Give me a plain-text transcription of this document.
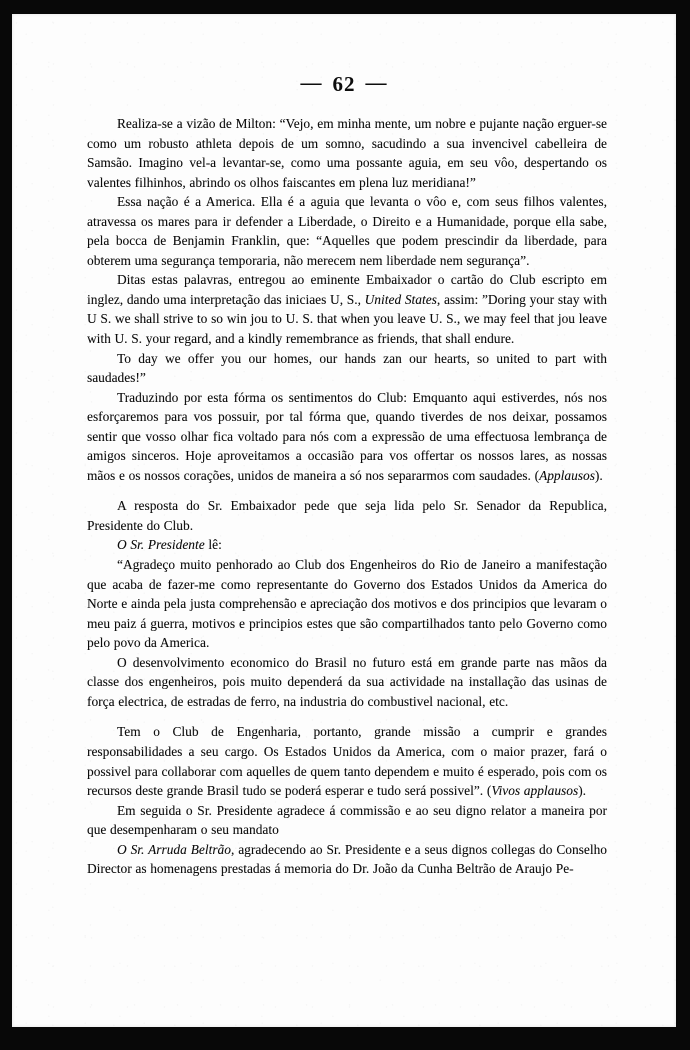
— 62 —

Realiza-se a vizão de Milton: “Vejo, em minha mente, um nobre e pujante nação erguer-se como um robusto athleta depois de um somno, sacudindo a sua invencivel cabelleira de Samsão. Imagino vel-a levantar-se, como uma possante aguia, em seu vôo, despertando os valentes filhinhos, abrindo os olhos faiscantes em plena luz meridiana!”

Essa nação é a America. Ella é a aguia que levanta o vôo e, com seus filhos valentes, atravessa os mares para ir defender a Liberdade, o Direito e a Humanidade, porque ella sabe, pela bocca de Benjamin Franklin, que: “Aquelles que podem prescindir da liberdade, para obterem uma segurança temporaria, não merecem nem liberdade nem segurança”.

Ditas estas palavras, entregou ao eminente Embaixador o cartão do Club escripto em inglez, dando uma interpretação das iniciaes U, S., United States, assim: ”Doring your stay with U S. we shall strive to so win jou to U. S. that when you leave U. S., we may feel that jou leave with U. S. your regard, and a kindly remembrance as friends, that shall endure.

To day we offer you our homes, our hands zan our hearts, so united to part with saudades!”

Traduzindo por esta fórma os sentimentos do Club: Emquanto aqui estiverdes, nós nos esforçaremos para vos possuir, por tal fórma que, quando tiverdes de nos deixar, possamos sentir que vosso olhar fica voltado para nós com a expressão de uma effectuosa lembrança de amigos sinceros. Hoje aproveitamos a occasião para vos offertar os nossos lares, as nossas mãos e os nossos corações, unidos de maneira a só nos separarmos com saudades. (Applausos).

A resposta do Sr. Embaixador pede que seja lida pelo Sr. Senador da Republica, Presidente do Club.

O Sr. Presidente lê:

“Agradeço muito penhorado ao Club dos Engenheiros do Rio de Janeiro a manifestação que acaba de fazer-me como representante do Governo dos Estados Unidos da America do Norte e ainda pela justa comprehensão e apreciação dos motivos e dos principios que levaram o meu paiz á guerra, motivos e principios estes que são compartilhados tanto pelo Governo como pelo povo da America.

O desenvolvimento economico do Brasil no futuro está em grande parte nas mãos da classe dos engenheiros, pois muito dependerá da sua actividade na installação das usinas de força electrica, de estradas de ferro, na industria do combustivel nacional, etc.

Tem o Club de Engenharia, portanto, grande missão a cumprir e grandes responsabilidades a seu cargo. Os Estados Unidos da America, com o maior prazer, fará o possivel para collaborar com aquelles de quem tanto dependem e muito é esperado, pois com os recursos deste grande Brasil tudo se poderá esperar e tudo será possivel”. (Vivos applausos).

Em seguida o Sr. Presidente agradece á commissão e ao seu digno relator a maneira por que desempenharam o seu mandato

O Sr. Arruda Beltrão, agradecendo ao Sr. Presidente e a seus dignos collegas do Conselho Director as homenagens prestadas á memoria do Dr. João da Cunha Beltrão de Araujo Pe-
